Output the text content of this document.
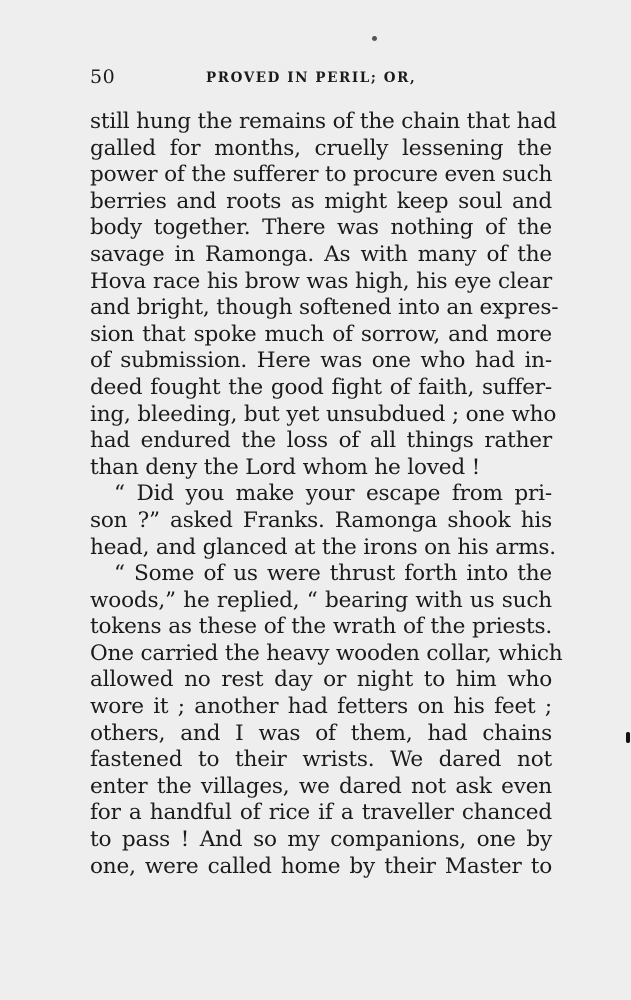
50	PROVED IN PERIL; OR,
still hung the remains of the chain that had
galled for months, cruelly lessening the
power of the sufferer to procure even such
berries and roots as might keep soul and
body together. There was nothing of the
savage in Ramonga. As with many of the
Hova race his brow was high, his eye clear
and bright, though softened into an expres-
sion that spoke much of sorrow, and more
of submission. Here was one who had in-
deed fought the good fight of faith, suffer-
ing, bleeding, but yet unsubdued ; one who
had endured the loss of all things rather
than deny the Lord whom he loved !
“ Did you make your escape from pri-
son ?” asked Franks. Ramonga shook his
head, and glanced at the irons on his arms.
“ Some of us were thrust forth into the
woods,” he replied, “ bearing with us such
tokens as these of the wrath of the priests.
One carried the heavy wooden collar, which
allowed no rest day or night to him who
wore it ; another had fetters on his feet ;
others, and I was of them, had chains
fastened to their wrists. We dared not
enter the villages, we dared not ask even
for a handful of rice if a traveller chanced
to pass ! And so my companions, one by
one, were called home by their Master to
